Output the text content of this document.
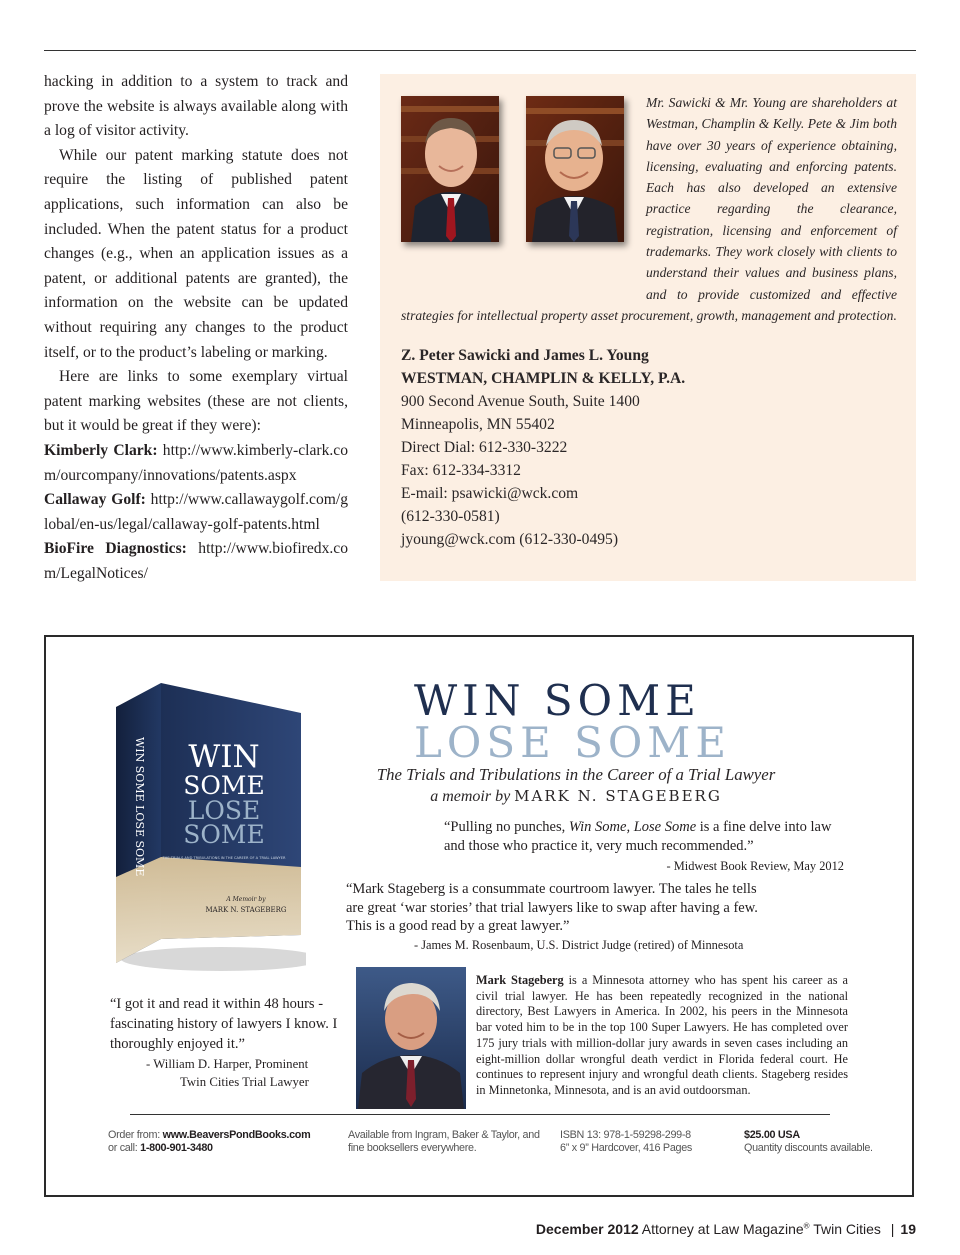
hacking in addition to a system to track and prove the website is always available along with a log of visitor activity.

While our patent marking statute does not require the listing of published patent applications, such information can also be included. When the patent status for a product changes (e.g., when an application issues as a patent, or additional patents are granted), the information on the website can be updated without requiring any changes to the product itself, or to the product’s labeling or marking.

Here are links to some exemplary virtual patent marking websites (these are not clients, but it would be great if they were):

Kimberly Clark: http://www.kimberly-clark.com/ourcompany/innovations/patents.aspx
Callaway Golf: http://www.callawaygolf.com/global/en-us/legal/callaway-golf-patents.html
BioFire Diagnostics: http://www.biofiredx.com/LegalNotices/
Mr. Sawicki & Mr. Young are shareholders at Westman, Champlin & Kelly. Pete & Jim both have over 30 years of experience obtaining, licensing, evaluating and enforcing patents. Each has also developed an extensive practice regarding the clearance, registration, licensing and enforcement of trademarks. They work closely with clients to understand their values and business plans, and to provide customized and effective strategies for intellectual property asset procurement, growth, management and protection.
Z. Peter Sawicki and James L. Young
WESTMAN, CHAMPLIN & KELLY, P.A.
900 Second Avenue South, Suite 1400
Minneapolis, MN 55402
Direct Dial: 612-330-3222
Fax: 612-334-3312
E-mail: psawicki@wck.com
(612-330-0581)
jyoung@wck.com (612-330-0495)
WIN
SOME
LOSE
SOME
THE TRIALS AND TRIBULATIONS IN THE CAREER OF A TRIAL LAWYER
A Memoir by
MARK N. STAGEBERG
WIN SOME LOSE SOME
WIN SOME
LOSE SOME
The Trials and Tribulations in the Career of a Trial Lawyer
a memoir by MARK N. STAGEBERG
“Pulling no punches, Win Some, Lose Some is a fine delve into law and those who practice it, very much recommended.”
- Midwest Book Review, May 2012
“Mark Stageberg is a consummate courtroom lawyer. The tales he tells are great ‘war stories’ that trial lawyers like to swap after having a few. This is a good read by a great lawyer.”
- James M. Rosenbaum, U.S. District Judge (retired) of Minnesota
“I got it and read it within 48 hours - fascinating history of lawyers I know. I thoroughly enjoyed it.”
- William D. Harper, Prominent
Twin Cities Trial Lawyer
Mark Stageberg is a Minnesota attorney who has spent his career as a civil trial lawyer. He has been repeatedly recognized in the national directory, Best Lawyers in America. In 2002, his peers in the Minnesota bar voted him to be in the top 100 Super Lawyers. He has completed over 175 jury trials with million-dollar jury awards in seven cases including an eight-million dollar wrongful death verdict in Florida federal court. He continues to represent injury and wrongful death clients. Stageberg resides in Minnetonka, Minnesota, and is an avid outdoorsman.
Order from: www.BeaversPondBooks.com
or call: 1-800-901-3480
Available from Ingram, Baker & Taylor, and
fine booksellers everywhere.
ISBN 13: 978-1-59298-299-8
6” x 9” Hardcover, 416 Pages
$25.00 USA
Quantity discounts available.
December 2012 Attorney at Law Magazine® Twin Cities | 19
